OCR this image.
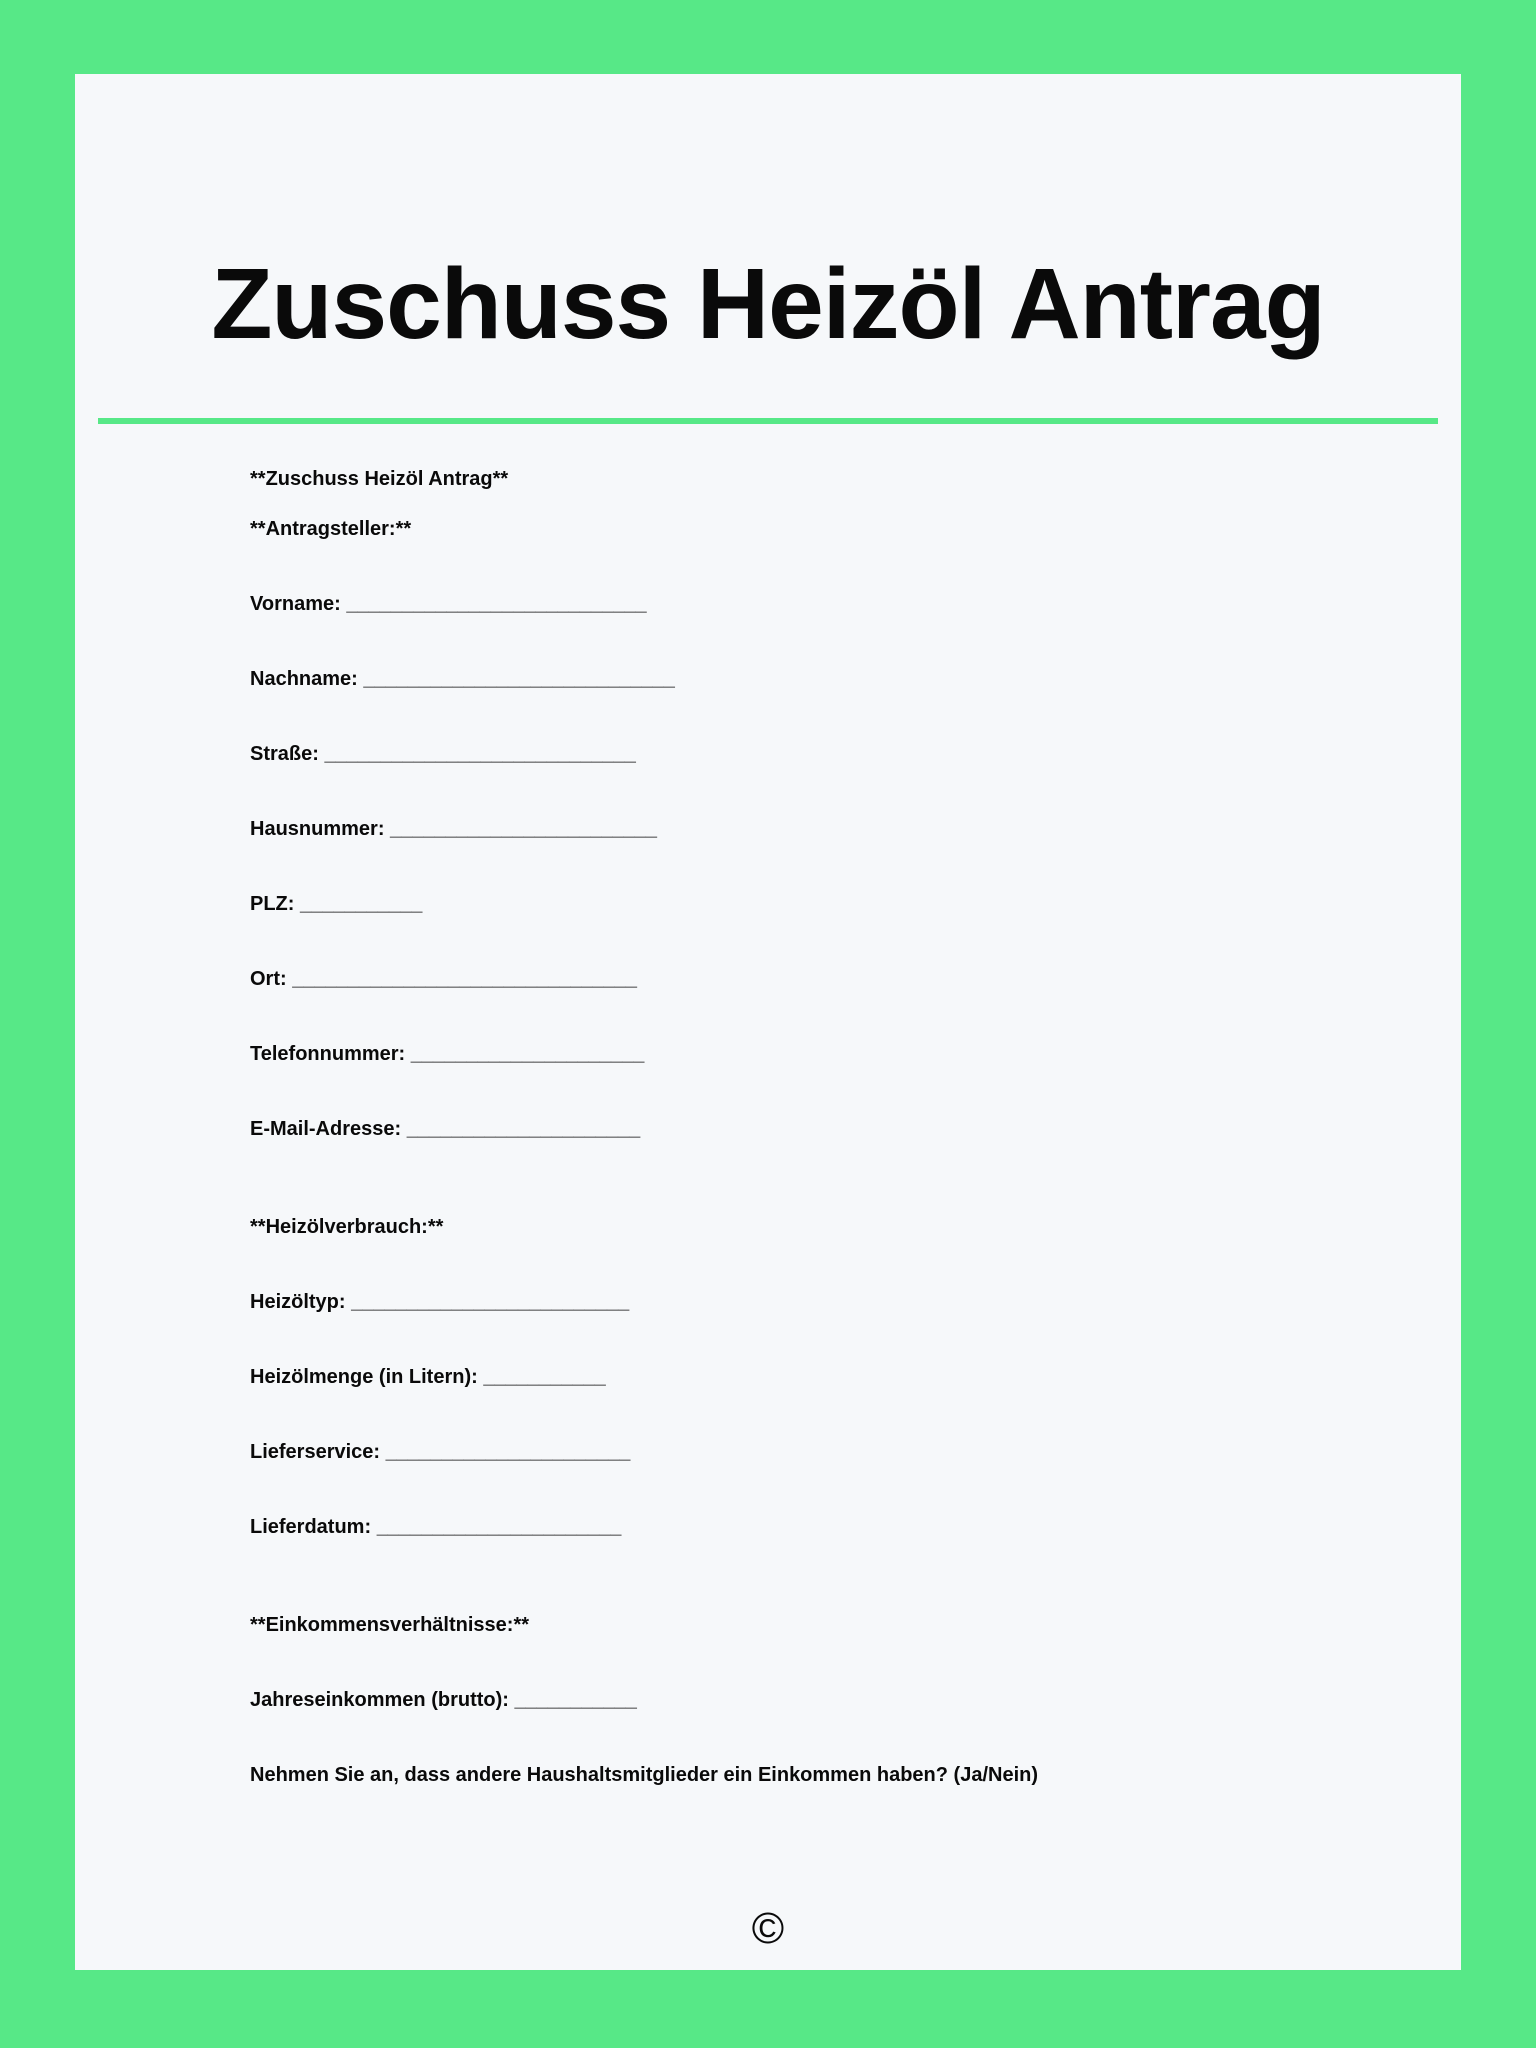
Zuschuss Heizöl Antrag

**Zuschuss Heizöl Antrag**

**Antragsteller:**

Vorname: ___________________________

Nachname: ____________________________

Straße: ____________________________

Hausnummer: ________________________

PLZ: ___________

Ort: _______________________________

Telefonnummer: _____________________

E-Mail-Adresse: _____________________

**Heizölverbrauch:**

Heizöltyp: _________________________

Heizölmenge (in Litern): ___________

Lieferservice: ______________________

Lieferdatum: ______________________

**Einkommensverhältnisse:**

Jahreseinkommen (brutto): ___________

Nehmen Sie an, dass andere Haushaltsmitglieder ein Einkommen haben? (Ja/Nein)

©
